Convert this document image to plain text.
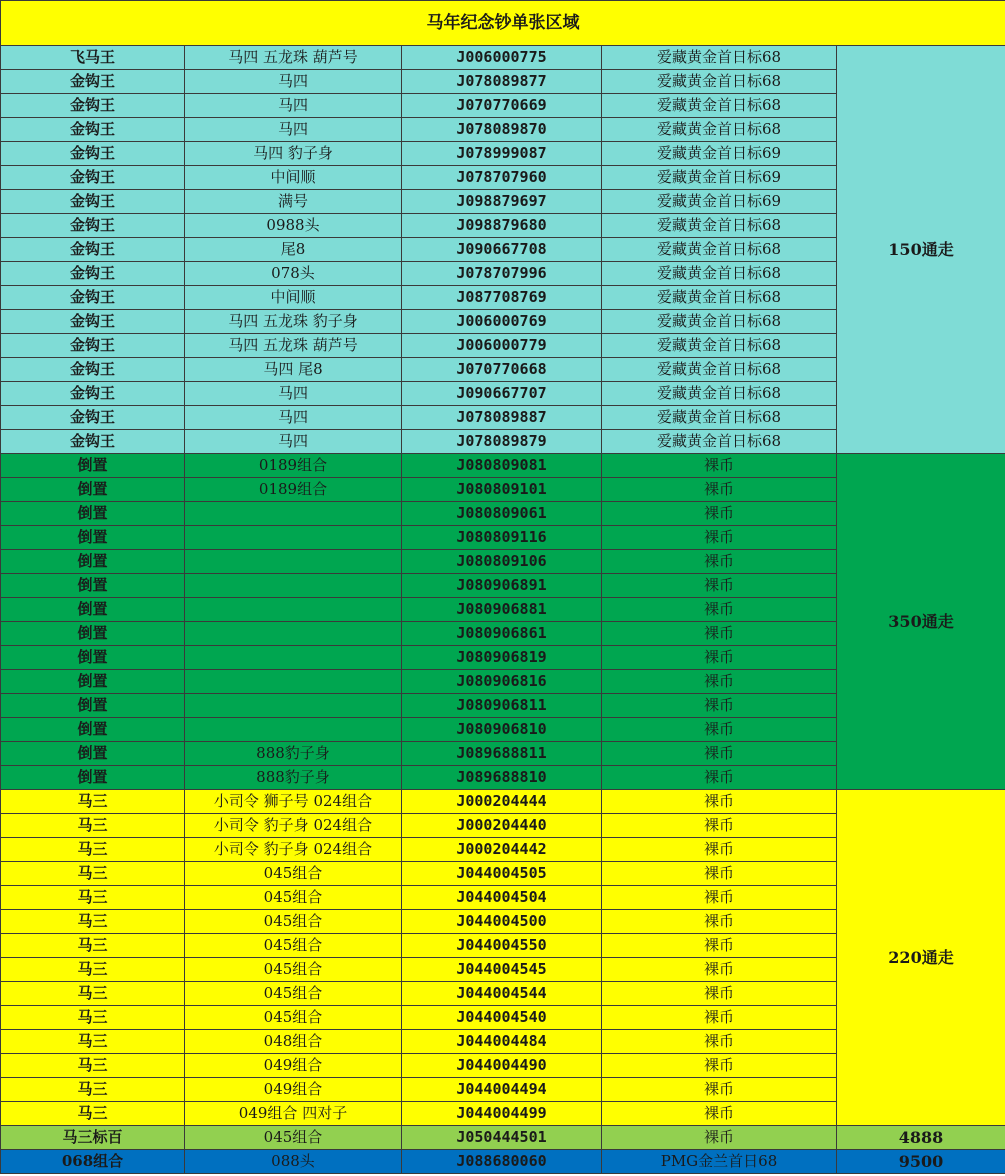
马年纪念钞单张区域				
飞马王	马四 五龙珠 葫芦号	J006000775	爱藏黄金首日标68	150通走
金钩王	马四	J078089877	爱藏黄金首日标68	
金钩王	马四	J070770669	爱藏黄金首日标68	
金钩王	马四	J078089870	爱藏黄金首日标68	
金钩王	马四 豹子身	J078999087	爱藏黄金首日标69	
金钩王	中间顺	J078707960	爱藏黄金首日标69	
金钩王	满号	J098879697	爱藏黄金首日标69	
金钩王	0988头	J098879680	爱藏黄金首日标68	
金钩王	尾8	J090667708	爱藏黄金首日标68	
金钩王	078头	J078707996	爱藏黄金首日标68	
金钩王	中间顺	J087708769	爱藏黄金首日标68	
金钩王	马四 五龙珠 豹子身	J006000769	爱藏黄金首日标68	
金钩王	马四 五龙珠 葫芦号	J006000779	爱藏黄金首日标68	
金钩王	马四 尾8	J070770668	爱藏黄金首日标68	
金钩王	马四	J090667707	爱藏黄金首日标68	
金钩王	马四	J078089887	爱藏黄金首日标68	
金钩王	马四	J078089879	爱藏黄金首日标68	
倒置	0189组合	J080809081	裸币	350通走
倒置	0189组合	J080809101	裸币	
倒置		J080809061	裸币	
倒置		J080809116	裸币	
倒置		J080809106	裸币	
倒置		J080906891	裸币	
倒置		J080906881	裸币	
倒置		J080906861	裸币	
倒置		J080906819	裸币	
倒置		J080906816	裸币	
倒置		J080906811	裸币	
倒置		J080906810	裸币	
倒置	888豹子身	J089688811	裸币	
倒置	888豹子身	J089688810	裸币	
马三	小司令 狮子号 024组合	J000204444	裸币	220通走
马三	小司令 豹子身 024组合	J000204440	裸币	
马三	小司令 豹子身 024组合	J000204442	裸币	
马三	045组合	J044004505	裸币	
马三	045组合	J044004504	裸币	
马三	045组合	J044004500	裸币	
马三	045组合	J044004550	裸币	
马三	045组合	J044004545	裸币	
马三	045组合	J044004544	裸币	
马三	045组合	J044004540	裸币	
马三	048组合	J044004484	裸币	
马三	049组合	J044004490	裸币	
马三	049组合	J044004494	裸币	
马三	049组合 四对子	J044004499	裸币	
马三标百	045组合	J050444501	裸币	4888
068组合	088头	J088680060	PMG金兰首日68	9500
